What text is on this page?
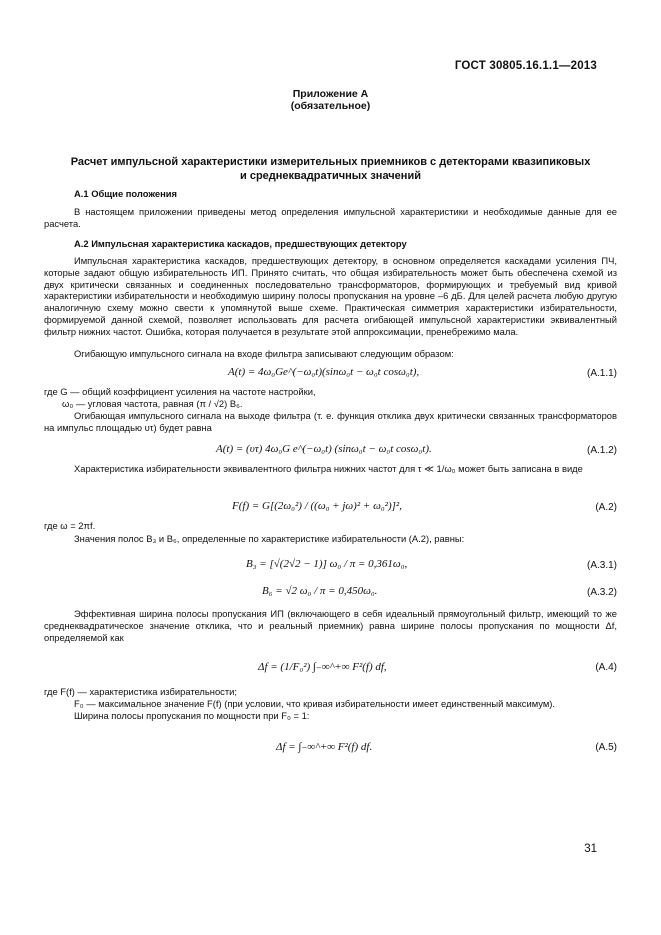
ГОСТ 30805.16.1.1—2013
Приложение А
(обязательное)
Расчет импульсной характеристики измерительных приемников с детекторами квазипиковых
и среднеквадратичных значений
А.1 Общие положения

В настоящем приложении приведены метод определения импульсной характеристики и необходимые данные для ее расчета.

А.2 Импульсная характеристика каскадов, предшествующих детектору

Импульсная характеристика каскадов, предшествующих детектору, в основном определяется каскадами усиления ПЧ, которые задают общую избирательность ИП. Принято считать, что общая избирательность может быть обеспечена схемой из двух критически связанных и соединенных последовательно трансформаторов, формирующих и требуемый вид кривой характеристики избирательности и необходимую ширину полосы пропускания на уровне –6 дБ. Для целей расчета любую другую аналогичную схему можно свести к упомянутой выше схеме. Практическая симметрия характеристики избирательности, формируемой данной схемой, позволяет использовать для расчета огибающей импульсной характеристики эквивалентный фильтр нижних частот. Ошибка, которая получается в результате этой аппроксимации, пренебрежимо мала.

Огибающую импульсного сигнала на входе фильтра записывают следующим образом:

A(t) = 4ω₀Ge^(−ω₀t)(sinω₀t − ω₀t cosω₀t),	(А.1.1)
где G — общий коэффициент усиления на частоте настройки,
ω₀ — угловая частота, равная (π / √2) B₆.

Огибающая импульсного сигнала на выходе фильтра (т. е. функция отклика двух критически связанных трансформаторов на импульс площадью υτ) будет равна

A(t) = (υτ) 4ω₀G e^(−ω₀t) (sinω₀t − ω₀t cosω₀t).	(А.1.2)

Характеристика избирательности эквивалентного фильтра нижних частот для τ ≪ 1/ω₀ может быть записана в виде

F(f) = G[(2ω₀²) / ((ω₀ + jω)² + ω₀²)]²,	(А.2)
где ω = 2πf.

Значения полос B₃ и B₆, определенные по характеристике избирательности (А.2), равны:

B₃ = [√(2√2 − 1)] ω₀ / π = 0,361ω₀,	(А.3.1)
B₆ = √2 ω₀ / π = 0,450ω₀.	(А.3.2)

Эффективная ширина полосы пропускания ИП (включающего в себя идеальный прямоугольный фильтр, имеющий то же среднеквадратическое значение отклика, что и реальный приемник) равна ширине полосы пропускания по мощности Δf, определяемой как

Δf = (1/F₀²) ∫₋∞^+∞ F²(f) df,	(А.4)
где F(f) — характеристика избирательности;
F₀ — максимальное значение F(f) (при условии, что кривая избирательности имеет единственный максимум).

Ширина полосы пропускания по мощности при F₀ = 1:

Δf = ∫₋∞^+∞ F²(f) df.	(А.5)
31
